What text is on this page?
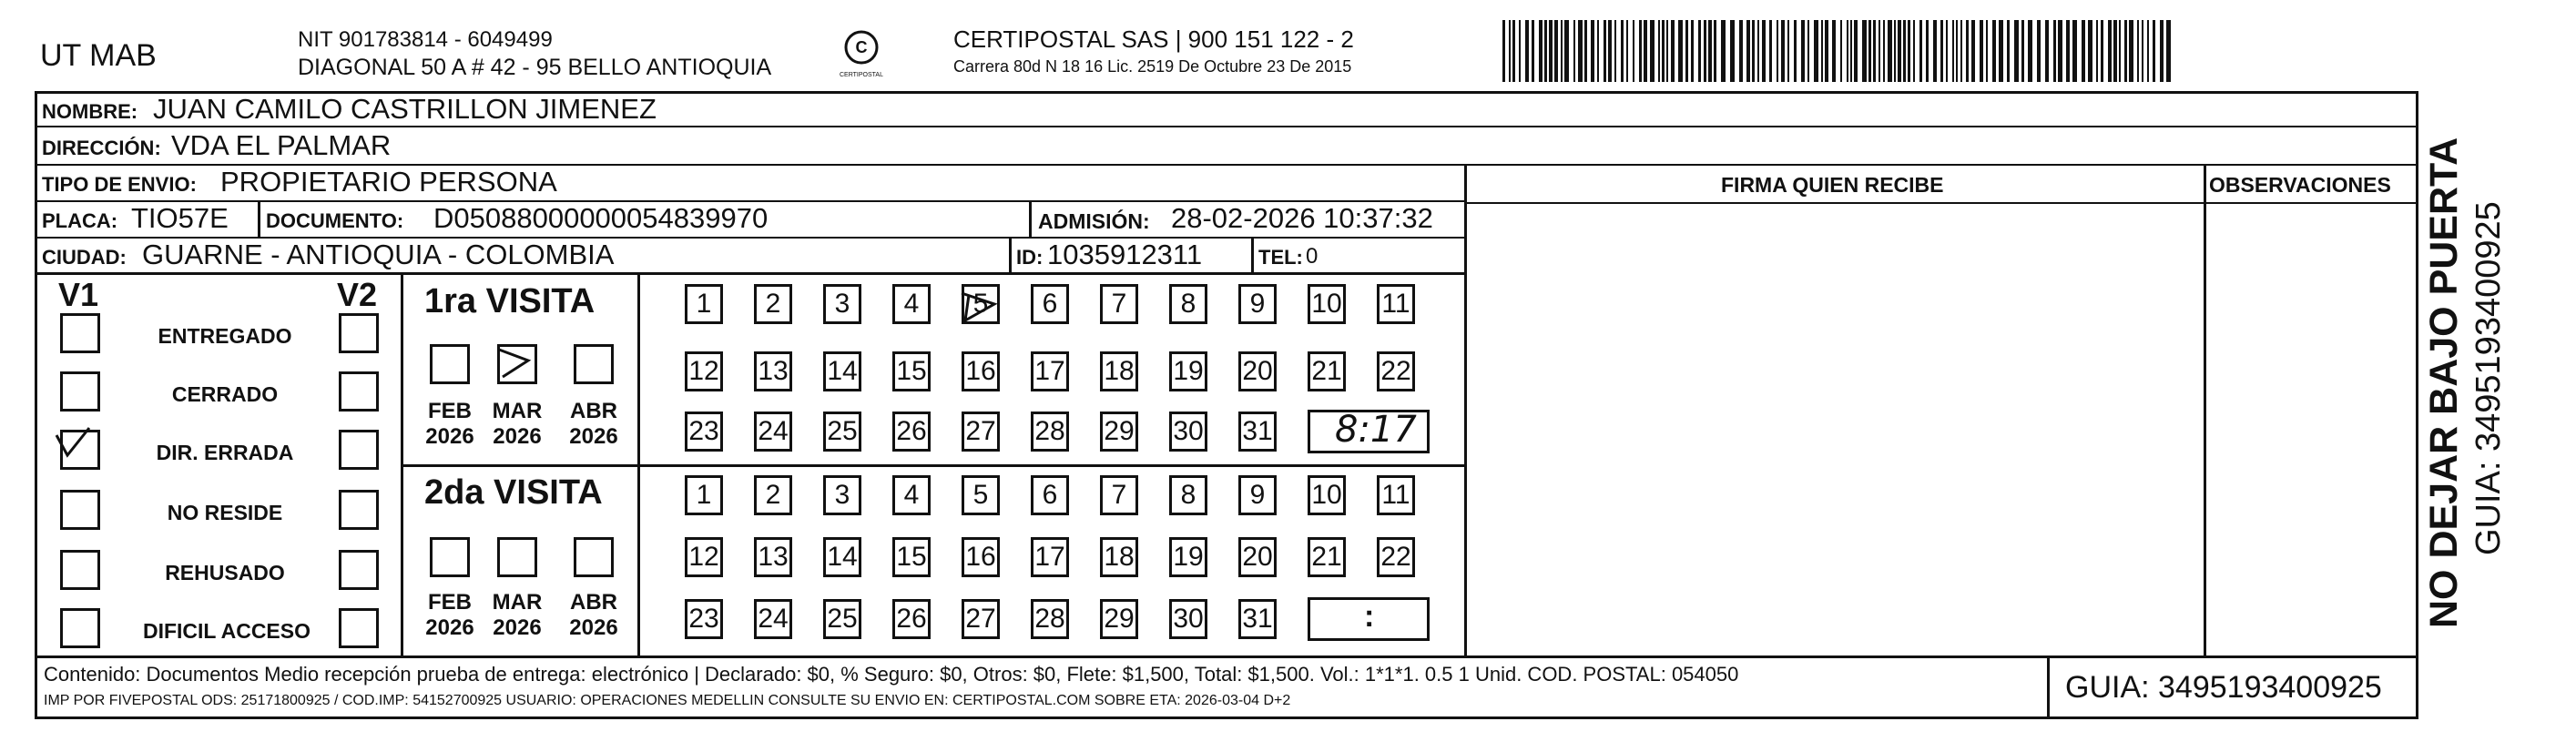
UT MAB	NIT 901783814 - 6049499
DIAGONAL 50 A # 42 - 95 BELLO ANTIOQUIA
C
CERTIPOSTAL
CERTIPOSTAL SAS | 900 151 122 - 2
Carrera 80d N 18 16 Lic. 2519 De Octubre 23 De 2015
NOMBRE: JUAN CAMILO CASTRILLON JIMENEZ
DIRECCIÓN: VDA EL PALMAR
TIPO DE ENVIO: PROPIETARIO PERSONA	FIRMA QUIEN RECIBE	OBSERVACIONES
PLACA: TIO57E DOCUMENTO: D05088000000054839970	ADMISIÓN: 28-02-2026 10:37:32
CIUDAD: GUARNE - ANTIOQUIA - COLOMBIA	ID: 1035912311	TEL: 0
V1	V2
ENTREGADO
CERRADO
DIR. ERRADA
NO RESIDE
REHUSADO
DIFICIL ACCESO
1ra VISITA
2da VISITA
FEB
2026
MAR
2026
ABR
2026
FEB
2026
MAR
2026
ABR
2026
1	2	3	4	5	6	7	8	9	10 11
12 13 14 15 16 17 18 19 20 21 22
23 24 25 26 27 28 29 30 31
1	2	3	4	5	6	7	8	9	10 11
12 13 14 15 16 17 18 19 20 21 22
23 24 25 26 27 28 29 30 31
8:17
:
Contenido: Documentos Medio recepción prueba de entrega: electrónico | Declarado: $0, % Seguro: $0, Otros: $0, Flete: $1,500, Total: $1,500. Vol.: 1*1*1. 0.5 1 Unid. COD. POSTAL: 054050
IMP POR FIVEPOSTAL ODS: 25171800925 / COD.IMP: 54152700925 USUARIO: OPERACIONES MEDELLIN CONSULTE SU ENVIO EN: CERTIPOSTAL.COM SOBRE ETA: 2026-03-04 D+2	GUIA: 3495193400925
NO DEJAR BAJO PUERTA GUIA: 3495193400925
